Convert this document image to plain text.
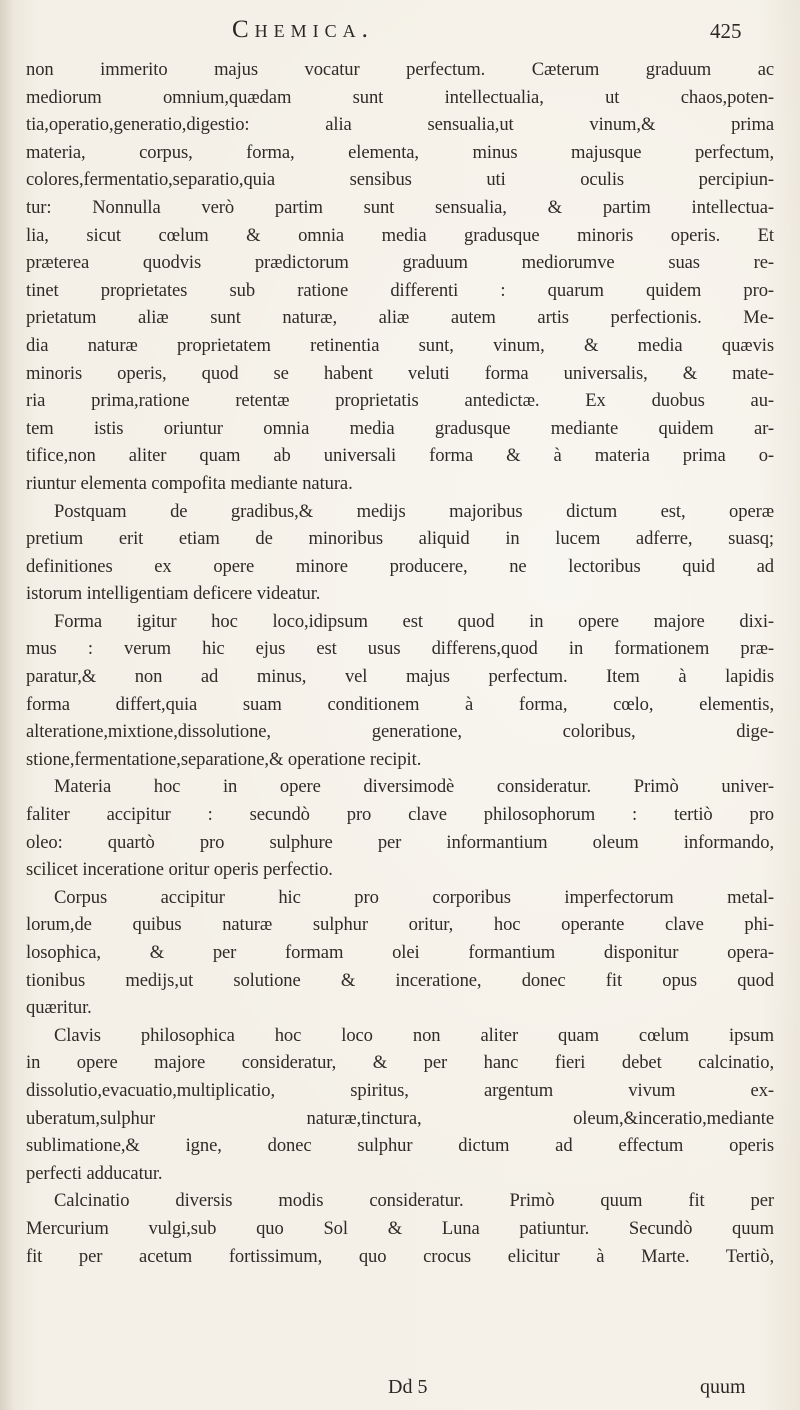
Chemica.	425
non immerito majus vocatur perfectum. Cæterum graduum ac
mediorum omnium,quædam sunt intellectualia, ut chaos,poten-
tia,operatio,generatio,digestio: alia sensualia,ut vinum,& prima
materia, corpus, forma, elementa, minus majusque perfectum,
colores,fermentatio,separatio,quia sensibus uti oculis percipiun-
tur: Nonnulla verò partim sunt sensualia, & partim intellectua-
lia, sicut cœlum & omnia media gradusque minoris operis. Et
præterea quodvis prædictorum graduum mediorumve suas re-
tinet proprietates sub ratione differenti : quarum quidem pro-
prietatum aliæ sunt naturæ, aliæ autem artis perfectionis. Me-
dia naturæ proprietatem retinentia sunt, vinum, & media quævis
minoris operis, quod se habent veluti forma universalis, & mate-
ria prima,ratione retentæ proprietatis antedictæ. Ex duobus au-
tem istis oriuntur omnia media gradusque mediante quidem ar-
tifice,non aliter quam ab universali forma & à materia prima o-
riuntur elementa compofita mediante natura.
Postquam de gradibus,& medijs majoribus dictum est, operæ
pretium erit etiam de minoribus aliquid in lucem adferre, suasq;
definitiones ex opere minore producere, ne lectoribus quid ad
istorum intelligentiam deficere videatur.
Forma igitur hoc loco,idipsum est quod in opere majore dixi-
mus : verum hic ejus est usus differens,quod in formationem præ-
paratur,& non ad minus, vel majus perfectum. Item à lapidis
forma differt,quia suam conditionem à forma, cœlo, elementis,
alteratione,mixtione,dissolutione, generatione, coloribus, dige-
stione,fermentatione,separatione,& operatione recipit.
Materia hoc in opere diversimodè consideratur. Primò univer-
faliter accipitur : secundò pro clave philosophorum : tertiò pro
oleo: quartò pro sulphure per informantium oleum informando,
scilicet inceratione oritur operis perfectio.
Corpus accipitur hic pro corporibus imperfectorum metal-
lorum,de quibus naturæ sulphur oritur, hoc operante clave phi-
losophica, & per formam olei formantium disponitur opera-
tionibus medijs,ut solutione & inceratione, donec fit opus quod
quæritur.
Clavis philosophica hoc loco non aliter quam cœlum ipsum
in opere majore consideratur, & per hanc fieri debet calcinatio,
dissolutio,evacuatio,multiplicatio, spiritus, argentum vivum ex-
uberatum,sulphur naturæ,tinctura, oleum,&inceratio,mediante
sublimatione,& igne, donec sulphur dictum ad effectum operis
perfecti adducatur.
Calcinatio diversis modis consideratur. Primò quum fit per
Mercurium vulgi,sub quo Sol & Luna patiuntur. Secundò quum
fit per acetum fortissimum, quo crocus elicitur à Marte. Tertiò,
Dd 5	quum
